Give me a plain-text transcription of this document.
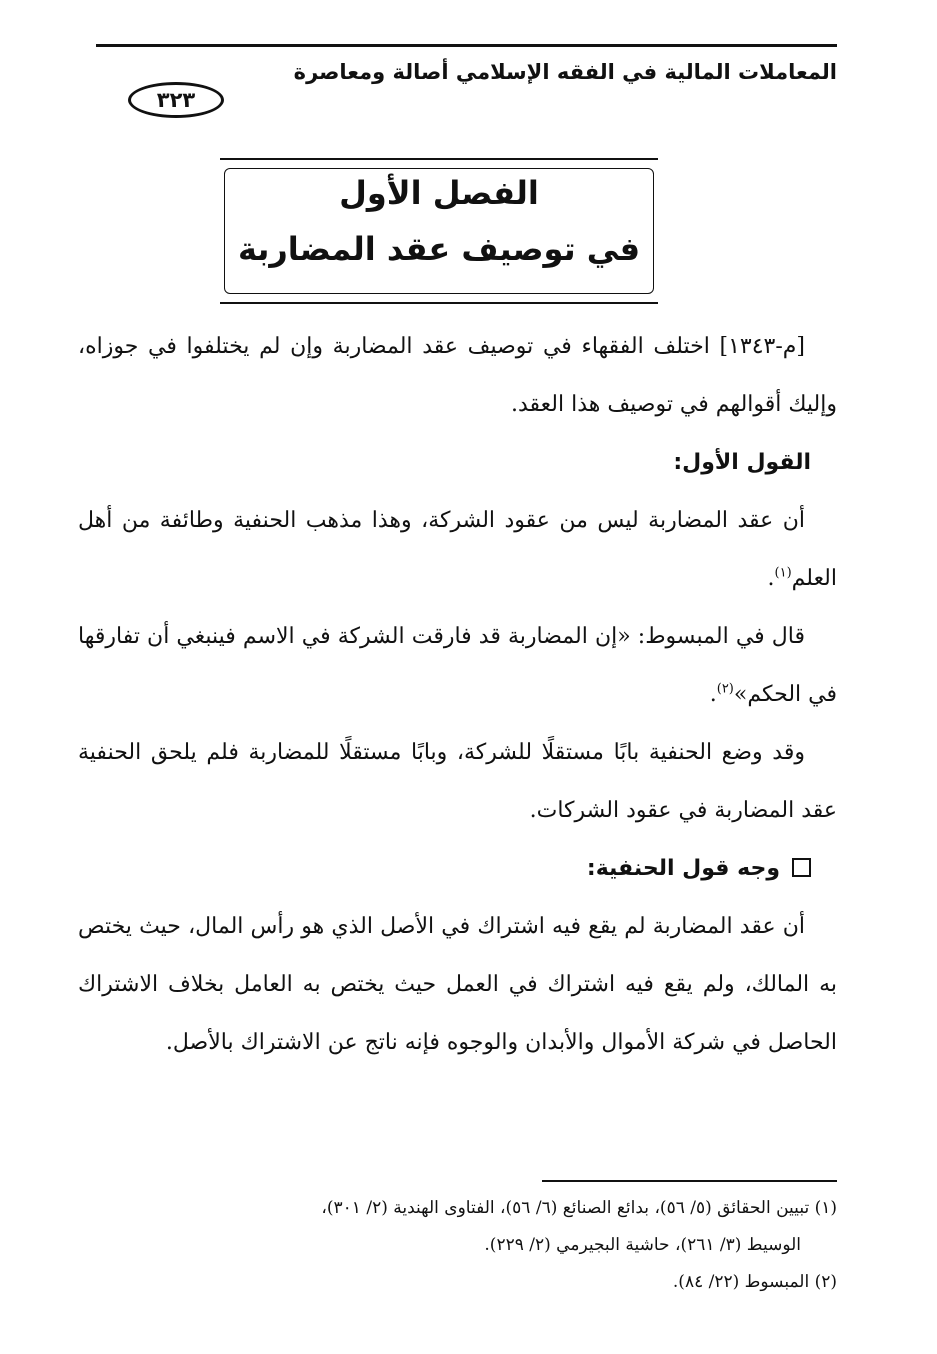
المعاملات المالية في الفقه الإسلامي أصالة ومعاصرة
٣٢٣
الفصل الأول
في توصيف عقد المضاربة

[م-١٣٤٣] اختلف الفقهاء في توصيف عقد المضاربة وإن لم يختلفوا في جوزاه، وإليك أقوالهم في توصيف هذا العقد.

القول الأول:

أن عقد المضاربة ليس من عقود الشركة، وهذا مذهب الحنفية وطائفة من أهل العلم$^{(١)}$.

قال في المبسوط: «إن المضاربة قد فارقت الشركة في الاسم فينبغي أن تفارقها في الحكم»$^{(٢)}$.

وقد وضع الحنفية بابًا مستقلًا للشركة، وبابًا مستقلًا للمضاربة فلم يلحق الحنفية عقد المضاربة في عقود الشركات.

وجه قول الحنفية:

أن عقد المضاربة لم يقع فيه اشتراك في الأصل الذي هو رأس المال، حيث يختص به المالك، ولم يقع فيه اشتراك في العمل حيث يختص به العامل بخلاف الاشتراك الحاصل في شركة الأموال والأبدان والوجوه فإنه ناتج عن الاشتراك بالأصل.

(١) تبيين الحقائق (٥/ ٥٦)، بدائع الصنائع (٦/ ٥٦)، الفتاوى الهندية (٢/ ٣٠١)،

الوسيط (٣/ ٢٦١)، حاشية البجيرمي (٢/ ٢٢٩).

(٢) المبسوط (٢٢/ ٨٤).
